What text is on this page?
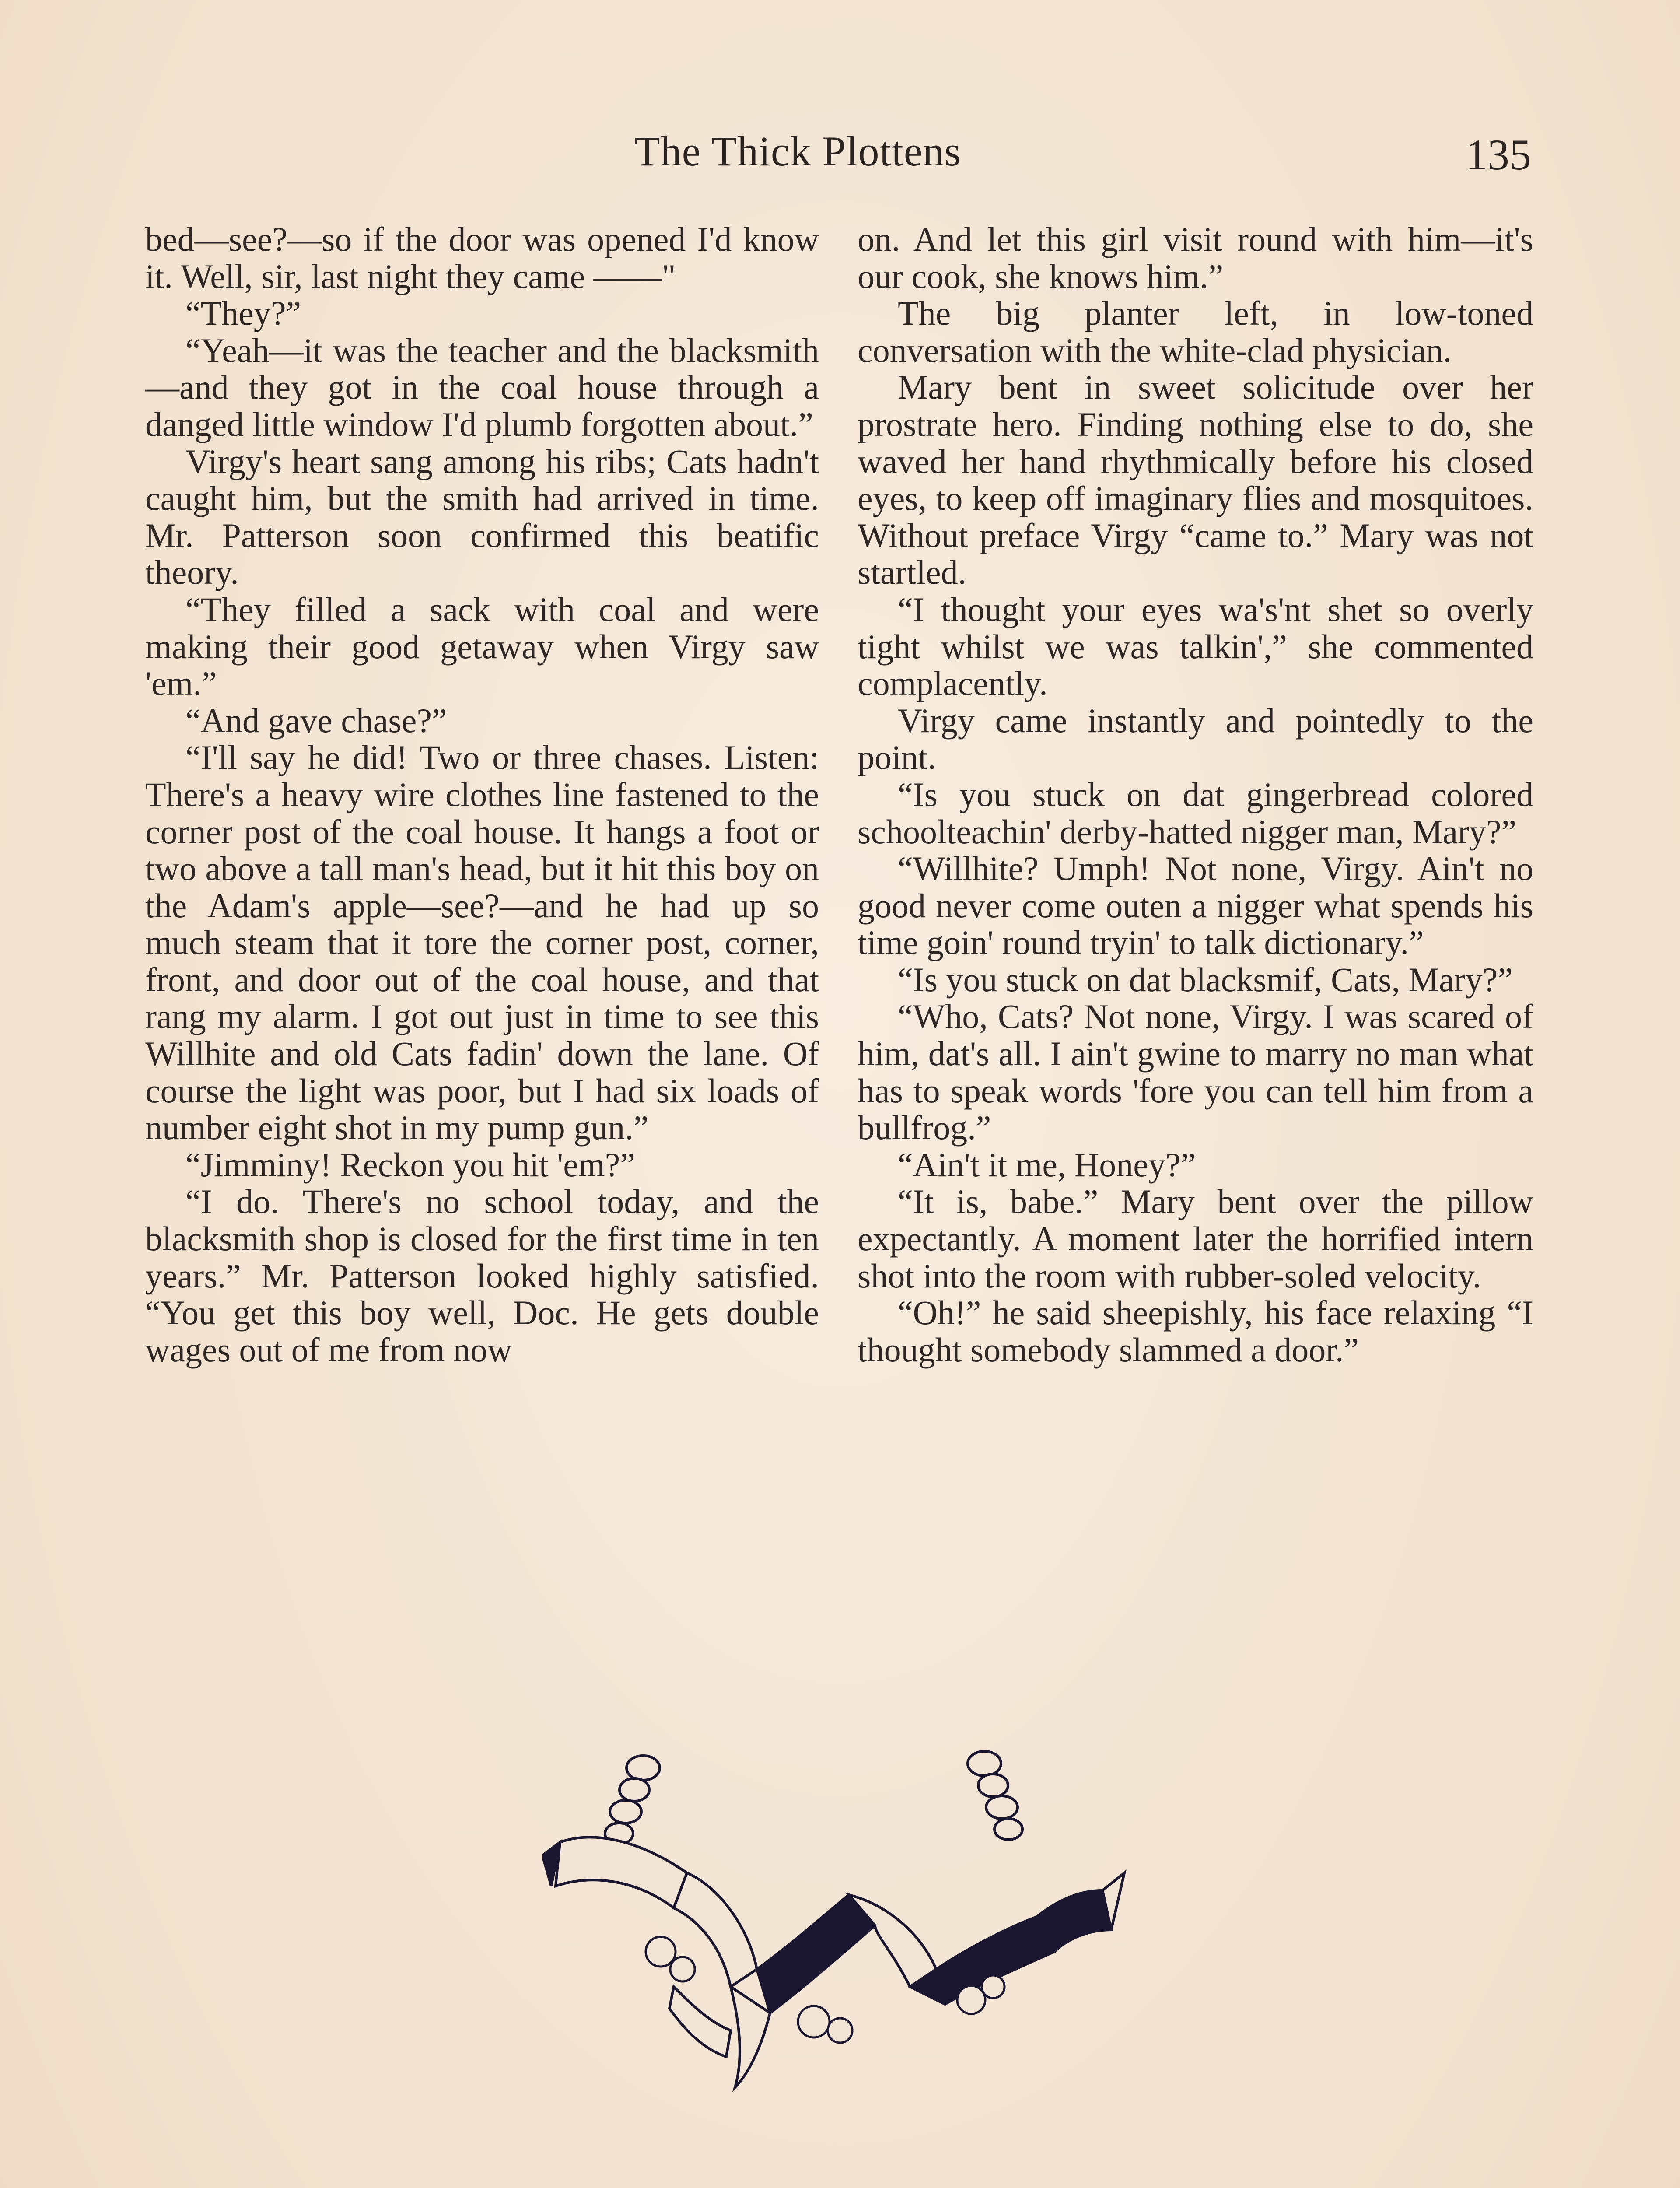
The Thick Plottens	135

bed—see?—so if the door was opened I'd know it. Well, sir, last night they came ——"

“They?”

“Yeah—it was the teacher and the blacksmith—and they got in the coal house through a danged little window I'd plumb forgotten about.”

Virgy's heart sang among his ribs; Cats hadn't caught him, but the smith had arrived in time. Mr. Patterson soon confirmed this beatific theory.

“They filled a sack with coal and were making their good getaway when Virgy saw 'em.”

“And gave chase?”

“I'll say he did! Two or three chases. Listen: There's a heavy wire clothes line fastened to the corner post of the coal house. It hangs a foot or two above a tall man's head, but it hit this boy on the Adam's apple—see?—and he had up so much steam that it tore the corner post, corner, front, and door out of the coal house, and that rang my alarm. I got out just in time to see this Willhite and old Cats fadin' down the lane. Of course the light was poor, but I had six loads of number eight shot in my pump gun.”

“Jimminy! Reckon you hit 'em?”

“I do. There's no school today, and the blacksmith shop is closed for the first time in ten years.” Mr. Patterson looked highly satisfied. “You get this boy well, Doc. He gets double wages out of me from now

on. And let this girl visit round with him—it's our cook, she knows him.”

The big planter left, in low-toned conversation with the white-clad physician.

Mary bent in sweet solicitude over her prostrate hero. Finding nothing else to do, she waved her hand rhythmically before his closed eyes, to keep off imaginary flies and mosquitoes. Without preface Virgy “came to.” Mary was not startled.

“I thought your eyes wa's'nt shet so overly tight whilst we was talkin',” she commented complacently.

Virgy came instantly and pointedly to the point.

“Is you stuck on dat gingerbread colored schoolteachin' derby-hatted nigger man, Mary?”

“Willhite? Umph! Not none, Virgy. Ain't no good never come outen a nigger what spends his time goin' round tryin' to talk dictionary.”

“Is you stuck on dat blacksmif, Cats, Mary?”

“Who, Cats? Not none, Virgy. I was scared of him, dat's all. I ain't gwine to marry no man what has to speak words 'fore you can tell him from a bullfrog.”

“Ain't it me, Honey?”

“It is, babe.” Mary bent over the pillow expectantly. A moment later the horrified intern shot into the room with rubber-soled velocity.

“Oh!” he said sheepishly, his face relaxing “I thought somebody slammed a door.”
